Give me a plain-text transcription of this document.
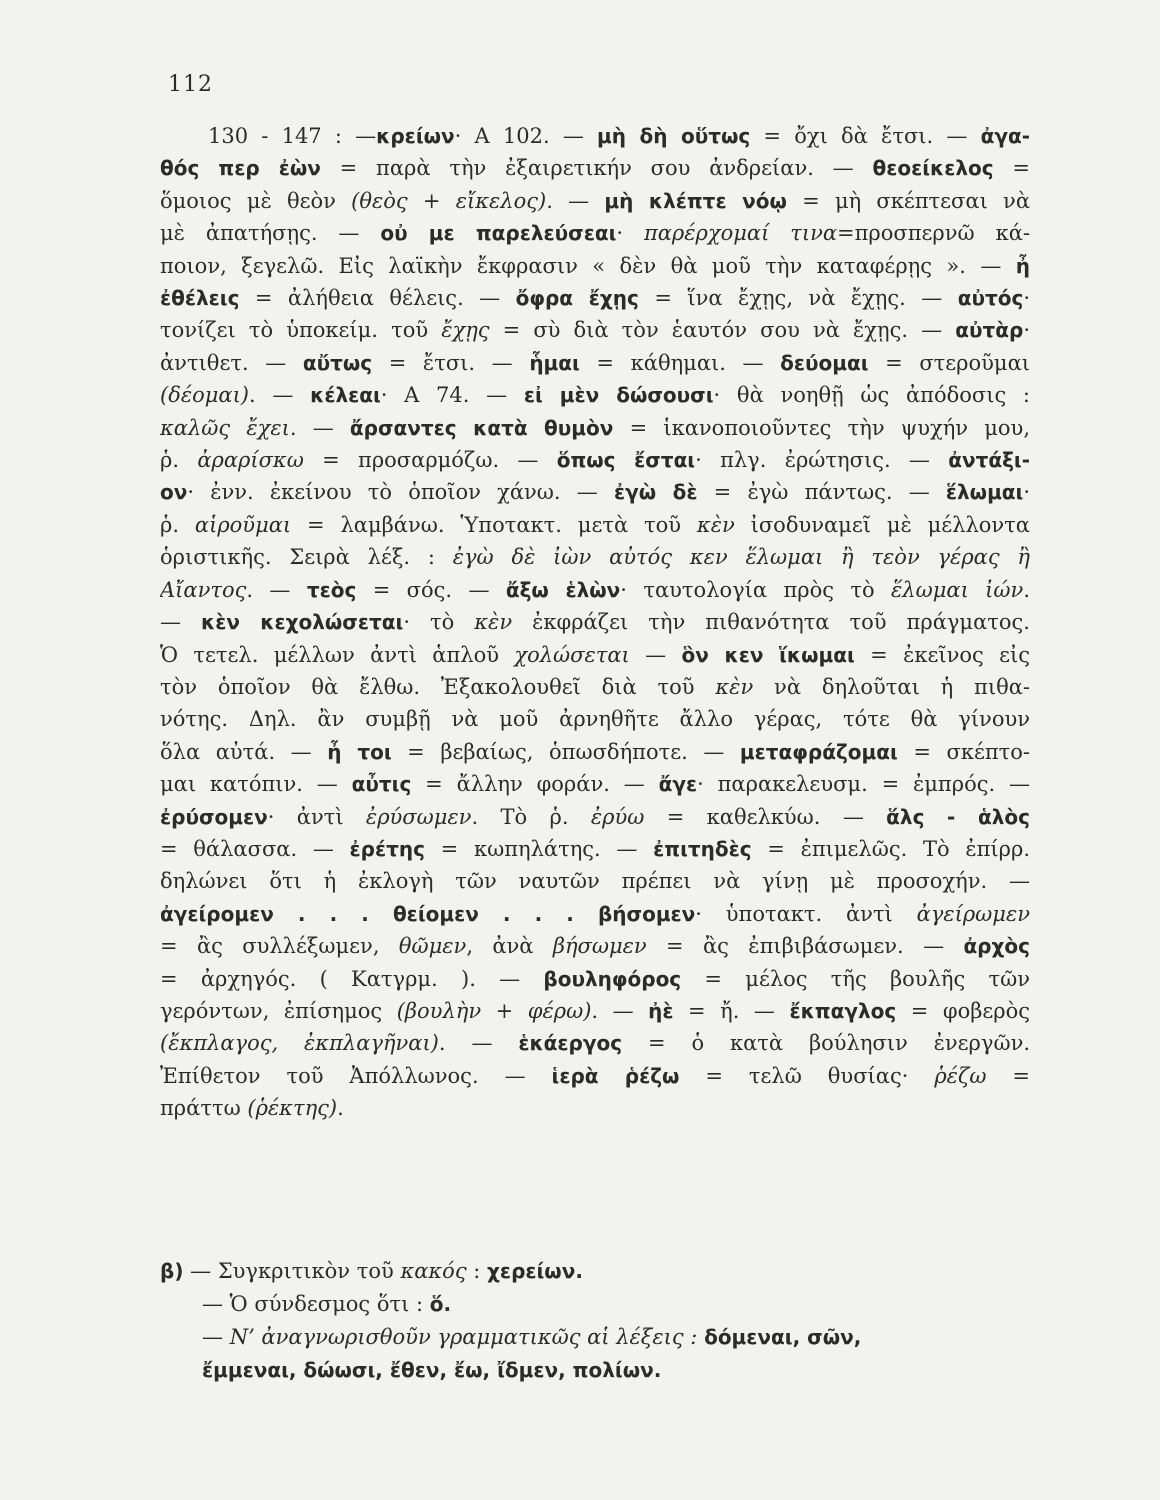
112
130 - 147 : —κρείων· Α 102. — μὴ δὴ οὕτως = ὄχι δὰ ἔτσι. — ἀγα-
θός περ ἐὼν = παρὰ τὴν ἐξαιρετικήν σου ἀνδρείαν. — θεοείκελος =
ὅμοιος μὲ θεὸν (θεὸς + εἴκελος). — μὴ κλέπτε νόῳ = μὴ σκέπτεσαι νὰ
μὲ ἀπατήσῃς. — οὐ με παρελεύσεαι· παρέρχομαί τινα=προσπερνῶ κά-
ποιον, ξεγελῶ. Εἰς λαϊκὴν ἔκφρασιν « δὲν θὰ μοῦ τὴν καταφέρῃς ». — ἦ
ἐθέλεις = ἀλήθεια θέλεις. — ὄφρα ἔχῃς = ἵνα ἔχῃς, νὰ ἔχῃς. — αὐτός·
τονίζει τὸ ὑποκείμ. τοῦ ἔχῃς = σὺ διὰ τὸν ἑαυτόν σου νὰ ἔχῃς. — αὐτὰρ·
ἀντιθετ. — αὔτως = ἔτσι. — ἧμαι = κάθημαι. — δεύομαι = στεροῦμαι
(δέομαι). — κέλεαι· Α 74. — εἰ μὲν δώσουσι· θὰ νοηθῇ ὡς ἀπόδοσις :
καλῶς ἔχει. — ἄρσαντες κατὰ θυμὸν = ἱκανοποιοῦντες τὴν ψυχήν μου,
ῥ. ἀραρίσκω = προσαρμόζω. — ὅπως ἔσται· πλγ. ἐρώτησις. — ἀντάξι-
ον· ἐνν. ἐκείνου τὸ ὁποῖον χάνω. — ἐγὼ δὲ = ἐγὼ πάντως. — ἕλωμαι·
ῥ. αἱροῦμαι = λαμβάνω. Ὑποτακτ. μετὰ τοῦ κὲν ἰσοδυναμεῖ μὲ μέλλοντα
ὁριστικῆς. Σειρὰ λέξ. : ἐγὼ δὲ ἰὼν αὐτός κεν ἕλωμαι ἢ τεὸν γέρας ἢ
Αἴαντος. — τεὸς = σός. — ἄξω ἑλὼν· ταυτολογία πρὸς τὸ ἕλωμαι ἰών.
— κὲν κεχολώσεται· τὸ κὲν ἐκφράζει τὴν πιθανότητα τοῦ πράγματος.
Ὁ τετελ. μέλλων ἀντὶ ἁπλοῦ χολώσεται — ὃν κεν ἵκωμαι = ἐκεῖνος εἰς
τὸν ὁποῖον θὰ ἔλθω. Ἐξακολουθεῖ διὰ τοῦ κὲν νὰ δηλοῦται ἡ πιθα-
νότης. Δηλ. ἂν συμβῇ νὰ μοῦ ἀρνηθῆτε ἄλλο γέρας, τότε θὰ γίνουν
ὅλα αὐτά. — ἦ τοι = βεβαίως, ὁπωσδήποτε. — μεταφράζομαι = σκέπτο-
μαι κατόπιν. — αὖτις = ἄλλην φοράν. — ἄγε· παρακελευσμ. = ἐμπρός. —
ἐρύσομεν· ἀντὶ ἐρύσωμεν. Τὸ ῥ. ἐρύω = καθελκύω. — ἅλς - ἁλὸς
= θάλασσα. — ἐρέτης = κωπηλάτης. — ἐπιτηδὲς = ἐπιμελῶς. Τὸ ἐπίρρ.
δηλώνει ὅτι ἡ ἐκλογὴ τῶν ναυτῶν πρέπει νὰ γίνῃ μὲ προσοχήν. —
ἀγείρομεν . . . θείομεν . . . βήσομεν· ὑποτακτ. ἀντὶ ἀγείρωμεν
= ἂς συλλέξωμεν, θῶμεν, ἀνὰ βήσωμεν = ἂς ἐπιβιβάσωμεν. — ἀρχὸς
= ἀρχηγός. ( Κατγρμ. ). — βουληφόρος = μέλος τῆς βουλῆς τῶν
γερόντων, ἐπίσημος (βουλὴν + φέρω). — ἠὲ = ἤ. — ἔκπαγλος = φοβερὸς
(ἔκπλαγος, ἐκπλαγῆναι). — ἑκάεργος = ὁ κατὰ βούλησιν ἐνεργῶν.
Ἐπίθετον τοῦ Ἀπόλλωνος. — ἱερὰ ῥέζω = τελῶ θυσίας· ῥέζω =
πράττω (ῥέκτης).
β) — Συγκριτικὸν τοῦ κακός : χερείων.
— Ὁ σύνδεσμος ὅτι : ὅ.
— Ν’ ἀναγνωρισθοῦν γραμματικῶς αἱ λέξεις : δόμεναι, σῶν,
ἔμμεναι, δώωσι, ἔθεν, ἔω, ἴδμεν, πολίων.
